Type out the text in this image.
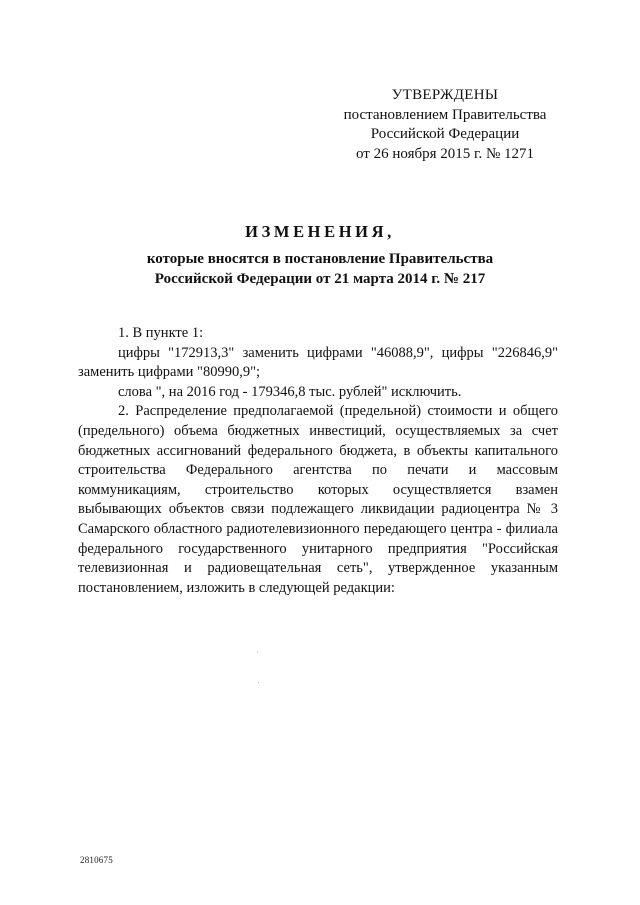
УТВЕРЖДЕНЫ
постановлением Правительства
Российской Федерации
от 26 ноября 2015 г. № 1271
ИЗМЕНЕНИЯ,
которые вносятся в постановление Правительства
Российской Федерации от 21 марта 2014 г. № 217

1. В пункте 1:

цифры "172913,3" заменить цифрами "46088,9", цифры "226846,9" заменить цифрами "80990,9";

слова ", на 2016 год - 179346,8 тыс. рублей" исключить.

2. Распределение предполагаемой (предельной) стоимости и общего (предельного) объема бюджетных инвестиций, осуществляемых за счет бюджетных ассигнований федерального бюджета, в объекты капитального строительства Федерального агентства по печати и массовым коммуникациям, строительство которых осуществляется взамен выбывающих объектов связи подлежащего ликвидации радиоцентра № 3 Самарского областного радиотелевизионного передающего центра - филиала федерального государственного унитарного предприятия "Российская телевизионная и радиовещательная сеть", утвержденное указанным постановлением, изложить в следующей редакции:

2810675
